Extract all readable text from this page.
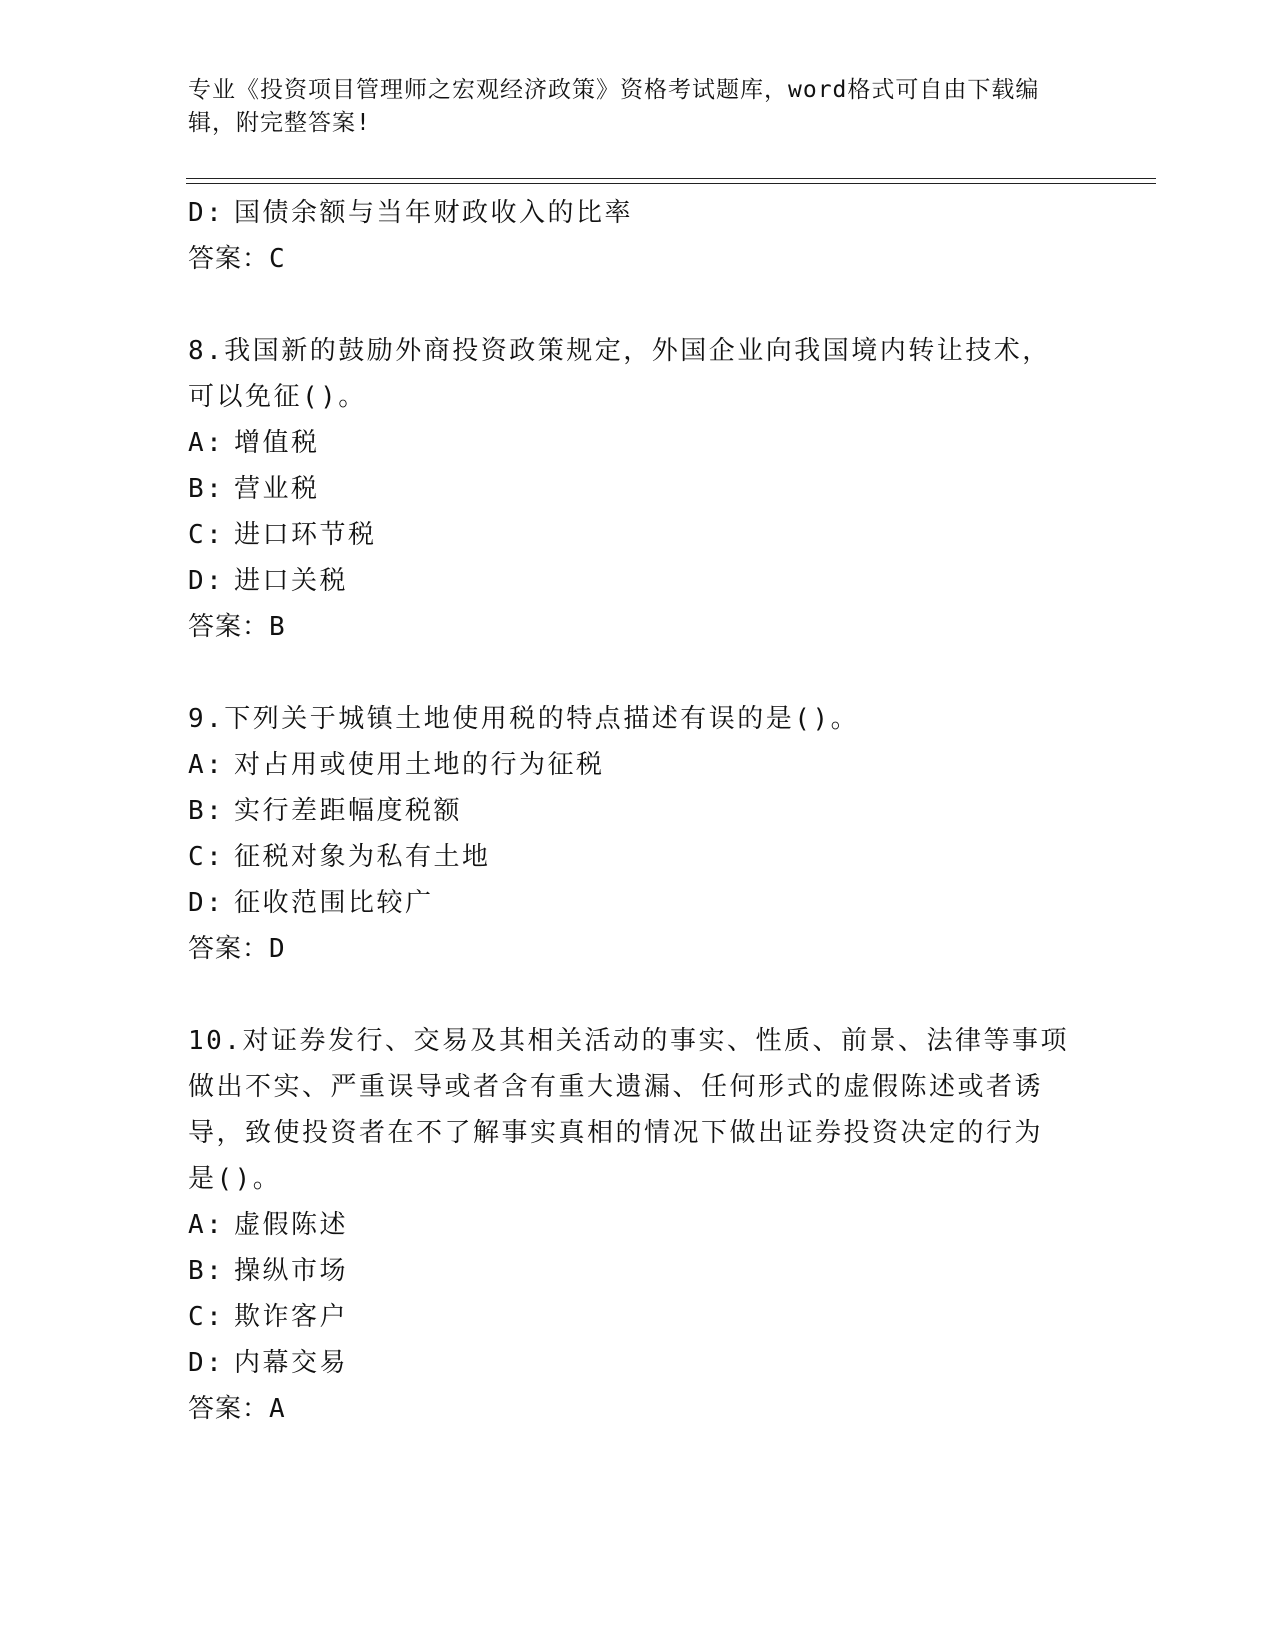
专业《投资项目管理师之宏观经济政策》资格考试题库，word格式可自由下载编
辑，附完整答案!
D: 国债余额与当年财政收入的比率
答案：C
8.我国新的鼓励外商投资政策规定，外国企业向我国境内转让技术，
可以免征()。
A: 增值税
B: 营业税
C: 进口环节税
D: 进口关税
答案：B
9.下列关于城镇土地使用税的特点描述有误的是()。
A: 对占用或使用土地的行为征税
B: 实行差距幅度税额
C: 征税对象为私有土地
D: 征收范围比较广
答案：D
10.对证券发行、交易及其相关活动的事实、性质、前景、法律等事项
做出不实、严重误导或者含有重大遗漏、任何形式的虚假陈述或者诱
导，致使投资者在不了解事实真相的情况下做出证券投资决定的行为
是()。
A: 虚假陈述
B: 操纵市场
C: 欺诈客户
D: 内幕交易
答案：A
